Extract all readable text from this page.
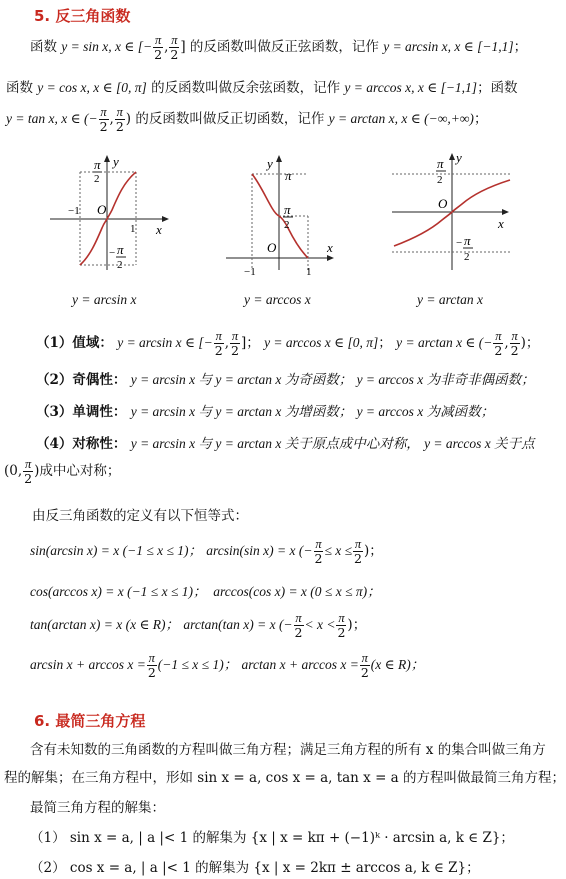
5. 反三角函数
函数 y = sin x, x ∈ [− $\frac{\pi}{2}$ , $\frac{\pi}{2}$ ] 的反函数叫做反正弦函数，记作 y = arcsin x, x ∈ [−1,1]；
函数 y = cos x, x ∈ [0, π] 的反函数叫做反余弦函数，记作 y = arccos x, x ∈ [−1,1]；函数
y = tan x, x ∈ (− $\frac{\pi}{2}$ , $\frac{\pi}{2}$ ) 的反函数叫做反正切函数，记作 y = arctan x, x ∈ (−∞,+∞)；
y
x
O
−1
1
π
2
− π
2
y
x
O
−1	1
π
π
2
y
x
O
π
2
− π
2
y = arcsin x	y = arccos x	y = arctan x
（1）值域： y = arcsin x ∈ [− $\frac{\pi}{2}$ , $\frac{\pi}{2}$ ]； y = arccos x ∈ [0, π]； y = arctan x ∈ (− $\frac{\pi}{2}$ , $\frac{\pi}{2}$ )；
（2）奇偶性： y = arcsin x 与 y = arctan x 为奇函数； y = arccos x 为非奇非偶函数；
（3）单调性： y = arcsin x 与 y = arctan x 为增函数； y = arccos x 为减函数；
（4）对称性： y = arcsin x 与 y = arctan x 关于原点成中心对称， y = arccos x 关于点
(0, $\frac{\pi}{2}$ )成中心对称；
由反三角函数的定义有以下恒等式：
sin(arcsin x) = x (−1 ≤ x ≤ 1)； arcsin(sin x) = x (− $\frac{\pi}{2} \le x \le \frac{\pi}{2}$ )；
cos(arccos x) = x (−1 ≤ x ≤ 1)；　arccos(cos x) = x (0 ≤ x ≤ π)；
tan(arctan x) = x (x ∈ R)； arctan(tan x) = x (− $\frac{\pi}{2} < x < \frac{\pi}{2}$ )；
$\arcsin x + \arccos x = \frac{\pi}{2} (-1 \le x \le 1)$； $\arctan x + \arccos x = \frac{\pi}{2} (x$ ∈ R)；
6. 最简三角方程
含有未知数的三角函数的方程叫做三角方程；满足三角方程的所有 x 的集合叫做三角方
程的解集；在三角方程中，形如 sin x = a, cos x = a, tan x = a 的方程叫做最简三角方程；
最简三角方程的解集：
（1） sin x = a, | a |< 1 的解集为 {x | x = kπ + (−1)ᵏ · arcsin a, k ∈ Z}；
（2） cos x = a, | a |< 1 的解集为 {x | x = 2kπ ± arccos a, k ∈ Z}；
